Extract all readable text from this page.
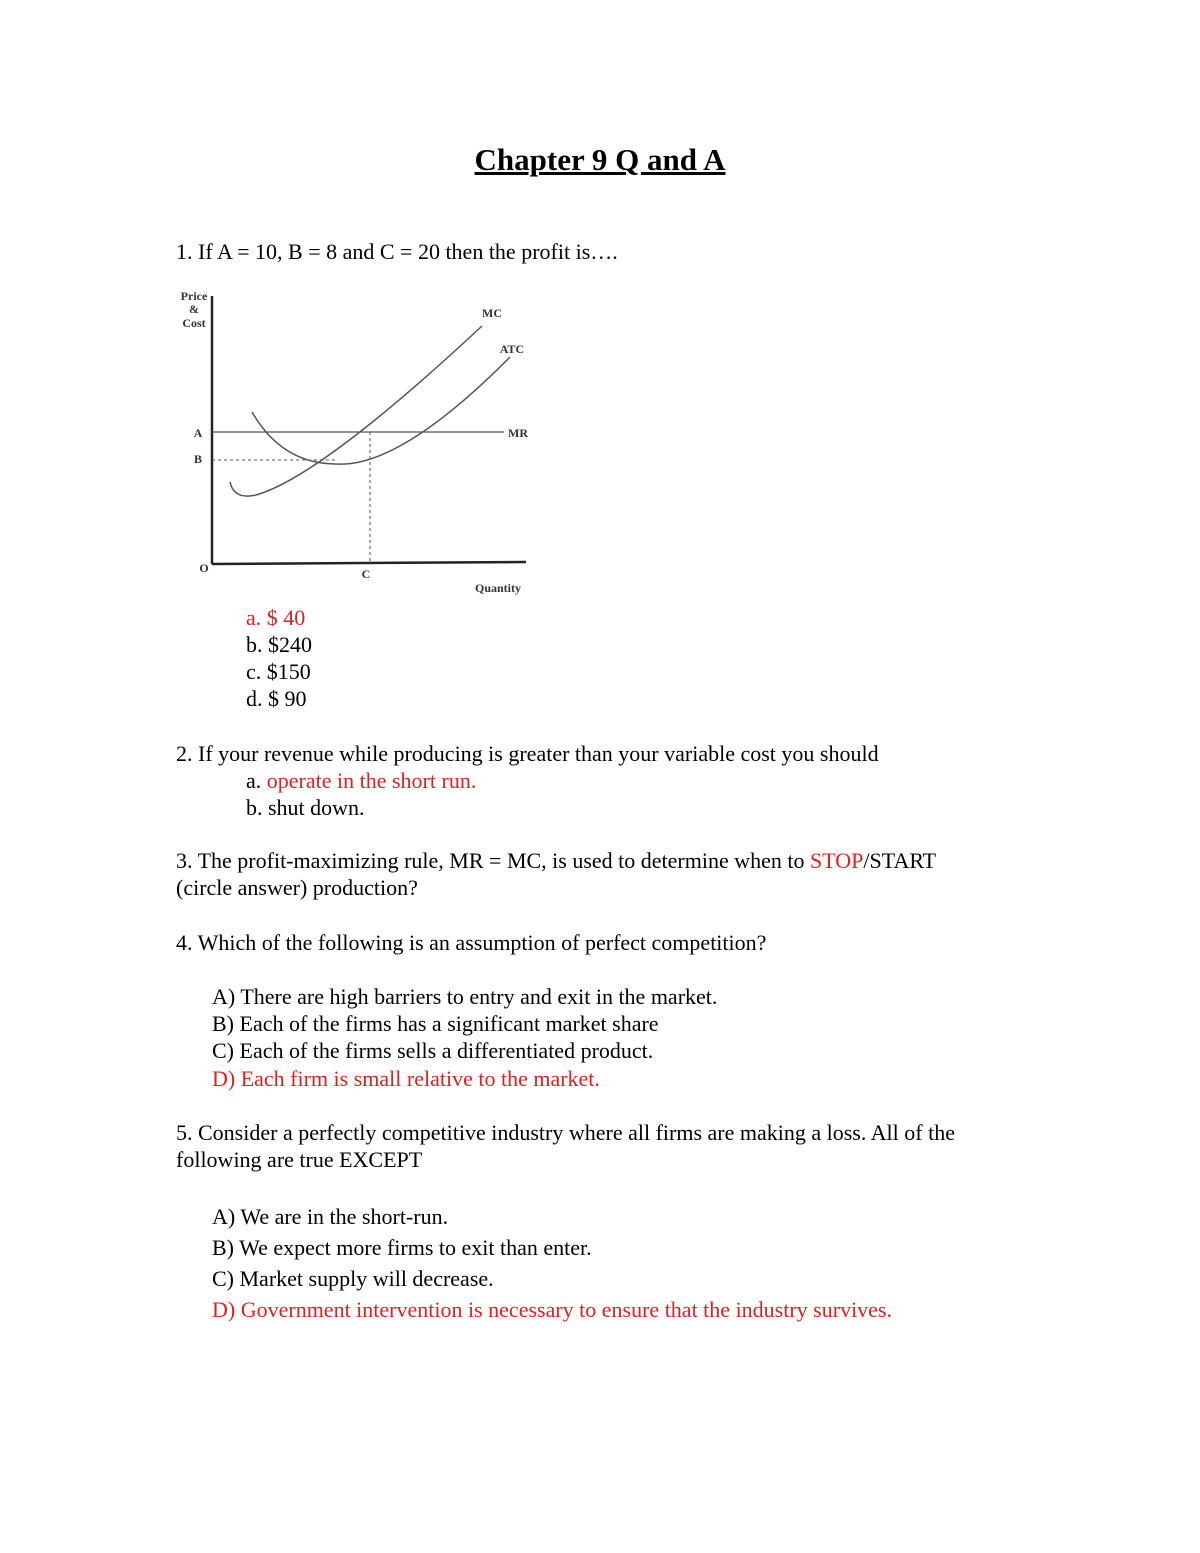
Chapter 9 Q and A
1. If A = 10, B = 8 and C = 20 then the profit is….
Price
&
Cost
A
B
O	C
Quantity
MR
ATC
MC
a. $ 40
b. $240
c. $150
d. $ 90
2. If your revenue while producing is greater than your variable cost you should
a. operate in the short run.
b. shut down.
3. The profit-maximizing rule, MR = MC, is used to determine when to STOP/START
(circle answer) production?
4. Which of the following is an assumption of perfect competition?
A) There are high barriers to entry and exit in the market.
B) Each of the firms has a significant market share
C) Each of the firms sells a differentiated product.
D) Each firm is small relative to the market.
5. Consider a perfectly competitive industry where all firms are making a loss. All of the
following are true EXCEPT
A) We are in the short-run.
B) We expect more firms to exit than enter.
C) Market supply will decrease.
D) Government intervention is necessary to ensure that the industry survives.
